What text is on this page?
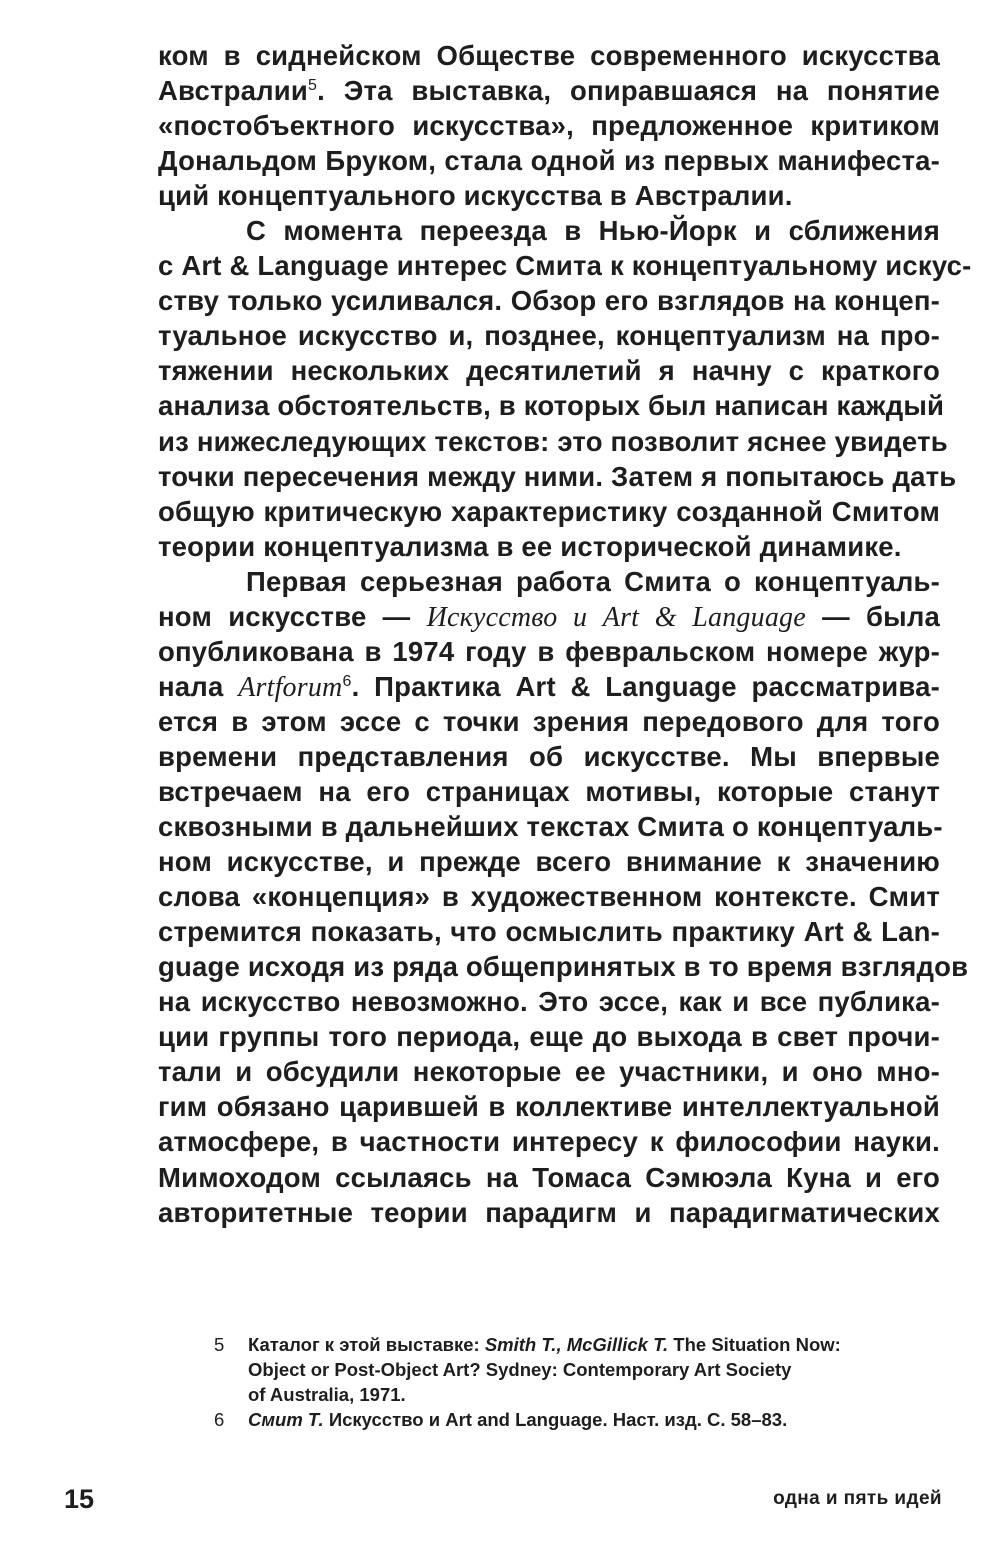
ком в сиднейском Обществе современного искусства
Австралии$^5$. Эта выставка, опиравшаяся на понятие
«постобъектного искусства», предложенное критиком
Дональдом Бруком, стала одной из первых манифеста-
ций концептуального искусства в Австралии.
С момента переезда в Нью-Йорк и сближения
с Art & Language интерес Смита к концептуальному искус-
ству только усиливался. Обзор его взглядов на концеп-
туальное искусство и, позднее, концептуализм на про-
тяжении нескольких десятилетий я начну с краткого
анализа обстоятельств, в которых был написан каждый
из нижеследующих текстов: это позволит яснее увидеть
точки пересечения между ними. Затем я попытаюсь дать
общую критическую характеристику созданной Смитом
теории концептуализма в ее исторической динамике.
Первая серьезная работа Смита о концептуаль-
ном искусстве — Искусство и Art & Language — была
опубликована в 1974 году в февральском номере жур-
нала Artforum$^6$. Практика Art & Language рассматрива-
ется в этом эссе с точки зрения передового для того
времени представления об искусстве. Мы впервые
встречаем на его страницах мотивы, которые станут
сквозными в дальнейших текстах Смита о концептуаль-
ном искусстве, и прежде всего внимание к значению
слова «концепция» в художественном контексте. Смит
стремится показать, что осмыслить практику Art & Lan-
guage исходя из ряда общепринятых в то время взглядов
на искусство невозможно. Это эссе, как и все публика-
ции группы того периода, еще до выхода в свет прочи-
тали и обсудили некоторые ее участники, и оно мно-
гим обязано царившей в коллективе интеллектуальной
атмосфере, в частности интересу к философии науки.
Мимоходом ссылаясь на Томаса Сэмюэла Куна и его
авторитетные теории парадигм и парадигматических
5 Каталог к этой выставке: Smith T., McGillick T. The Situation Now:
Object or Post-Object Art? Sydney: Contemporary Art Society
of Australia, 1971.
6 Смит Т. Искусство и Art and Language. Наст. изд. С. 58–83.
15	одна и пять идей
